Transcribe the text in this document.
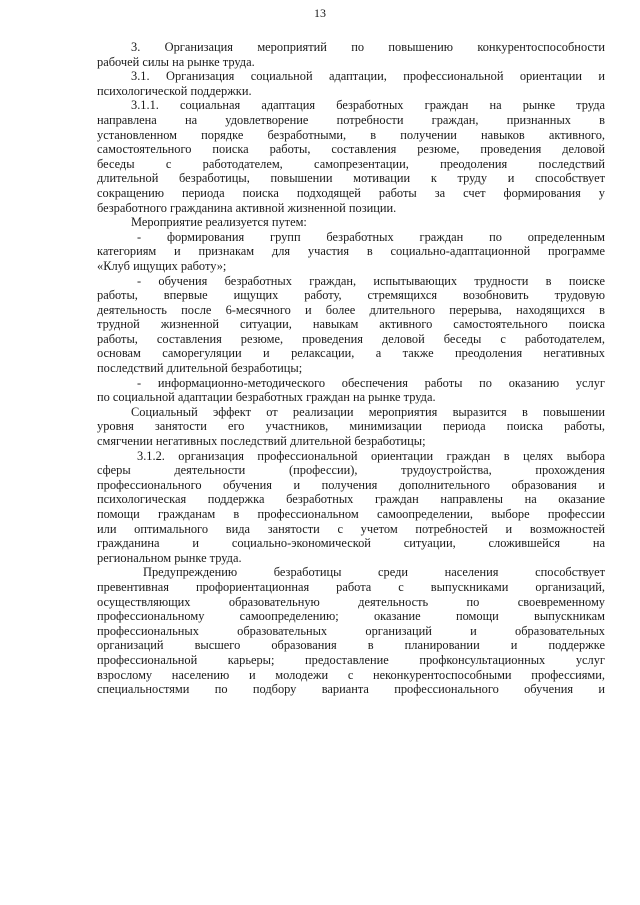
13
3. Организация мероприятий по повышению конкурентоспособности
рабочей силы на рынке труда.
3.1. Организация социальной адаптации, профессиональной ориентации и
психологической поддержки.
3.1.1. социальная адаптация безработных граждан на рынке труда
направлена на удовлетворение потребности граждан, признанных в
установленном порядке безработными, в получении навыков активного,
самостоятельного поиска работы, составления резюме, проведения деловой
беседы с работодателем, самопрезентации, преодоления последствий
длительной безработицы, повышении мотивации к труду и способствует
сокращению периода поиска подходящей работы за счет формирования у
безработного гражданина активной жизненной позиции.
Мероприятие реализуется путем:
- формирования групп безработных граждан по определенным
категориям и признакам для участия в социально-адаптационной программе
«Клуб ищущих работу»;
- обучения безработных граждан, испытывающих трудности в поиске
работы, впервые ищущих работу, стремящихся возобновить трудовую
деятельность после 6-месячного и более длительного перерыва, находящихся в
трудной жизненной ситуации, навыкам активного самостоятельного поиска
работы, составления резюме, проведения деловой беседы с работодателем,
основам саморегуляции и релаксации, а также преодоления негативных
последствий длительной безработицы;
- информационно-методического обеспечения работы по оказанию услуг
по социальной адаптации безработных граждан на рынке труда.
Социальный эффект от реализации мероприятия выразится в повышении
уровня занятости его участников, минимизации периода поиска работы,
смягчении негативных последствий длительной безработицы;
3.1.2. организация профессиональной ориентации граждан в целях выбора
сферы деятельности (профессии), трудоустройства, прохождения
профессионального обучения и получения дополнительного образования и
психологическая поддержка безработных граждан направлены на оказание
помощи гражданам в профессиональном самоопределении, выборе профессии
или оптимального вида занятости с учетом потребностей и возможностей
гражданина и социально-экономической ситуации, сложившейся на
региональном рынке труда.
Предупреждению безработицы среди населения способствует
превентивная профориентационная работа с выпускниками организаций,
осуществляющих образовательную деятельность по своевременному
профессиональному самоопределению; оказание помощи выпускникам
профессиональных образовательных организаций и образовательных
организаций высшего образования в планировании и поддержке
профессиональной карьеры; предоставление профконсультационных услуг
взрослому населению и молодежи с неконкурентоспособными профессиями,
специальностями по подбору варианта профессионального обучения и
